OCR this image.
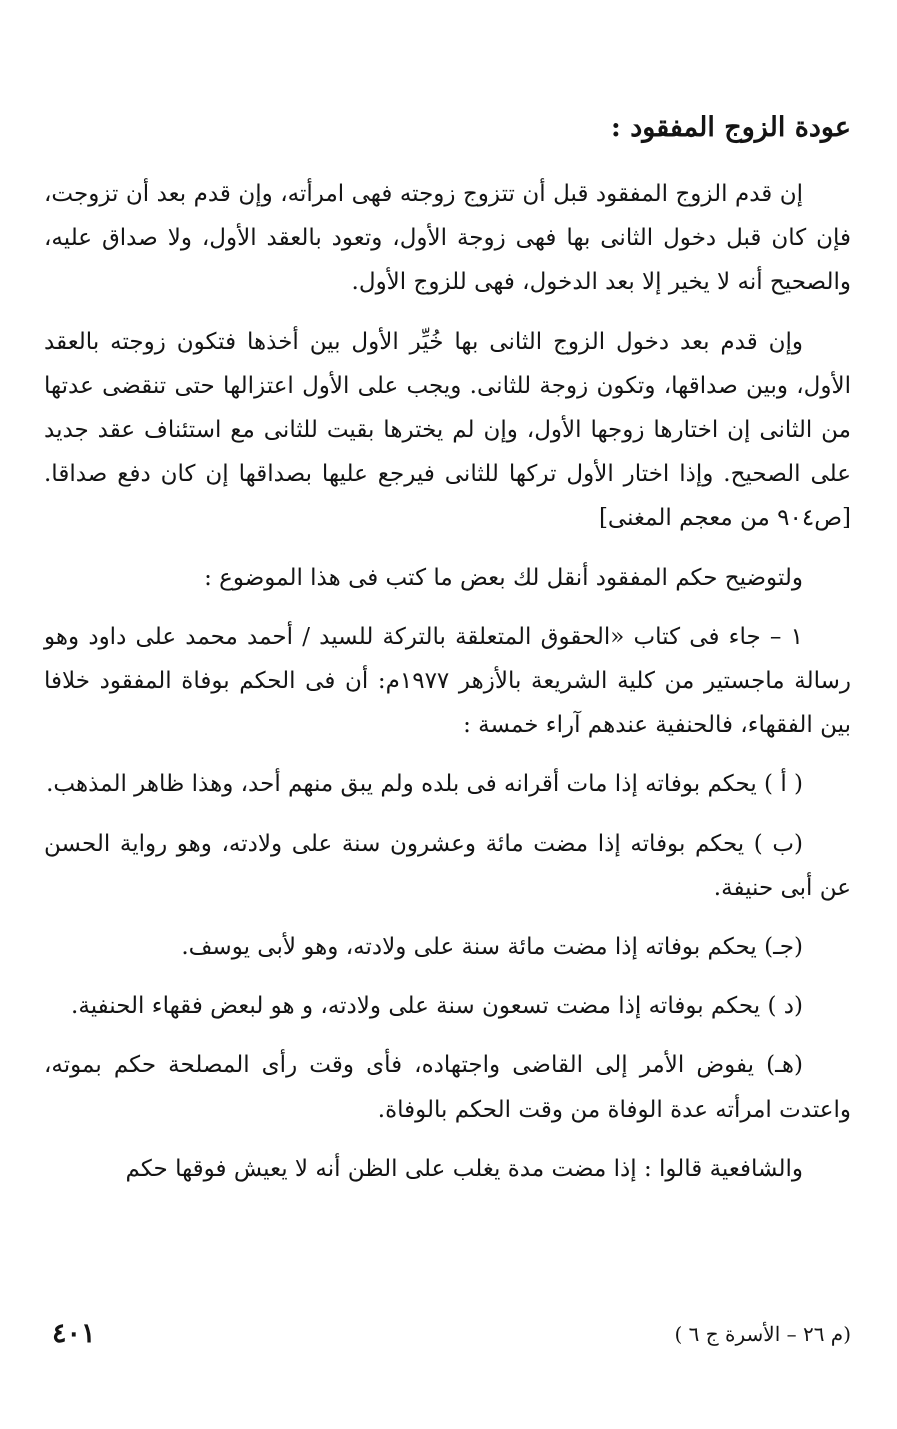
عودة الزوج المفقود :

إن قدم الزوج المفقود قبل أن تتزوج زوجته فهى امرأته، وإن قدم بعد أن تزوجت، فإن كان قبل دخول الثانى بها فهى زوجة الأول، وتعود بالعقد الأول، ولا صداق عليه، والصحيح أنه لا يخير إلا بعد الدخول، فهى للزوج الأول.

وإن قدم بعد دخول الزوج الثانى بها خُيِّر الأول بين أخذها فتكون زوجته بالعقد الأول، وبين صداقها، وتكون زوجة للثانى. ويجب على الأول اعتزالها حتى تنقضى عدتها من الثانى إن اختارها زوجها الأول، وإن لم يخترها بقيت للثانى مع استئناف عقد جديد على الصحيح. وإذا اختار الأول تركها للثانى فيرجع عليها بصداقها إن كان دفع صداقا.[ص٩٠٤ من معجم المغنى]

ولتوضيح حكم المفقود أنقل لك بعض ما كتب فى هذا الموضوع :

١ – جاء فى كتاب «الحقوق المتعلقة بالتركة للسيد / أحمد محمد على داود وهو رسالة ماجستير من كلية الشريعة بالأزهر ١٩٧٧م: أن فى الحكم بوفاة المفقود خلافا بين الفقهاء، فالحنفية عندهم آراء خمسة :

( أ ) يحكم بوفاته إذا مات أقرانه فى بلده ولم يبق منهم أحد، وهذا ظاهر المذهب.

(ب ) يحكم بوفاته إذا مضت مائة وعشرون سنة على ولادته، وهو رواية الحسن عن أبى حنيفة.

(جـ) يحكم بوفاته إذا مضت مائة سنة على ولادته، وهو لأبى يوسف.

(د ) يحكم بوفاته إذا مضت تسعون سنة على ولادته، و هو لبعض فقهاء الحنفية.

(هـ) يفوض الأمر إلى القاضى واجتهاده، فأى وقت رأى المصلحة حكم بموته، واعتدت امرأته عدة الوفاة من وقت الحكم بالوفاة.

والشافعية قالوا : إذا مضت مدة يغلب على الظن أنه لا يعيش فوقها حكم

٤٠١	(م ٢٦ – الأسرة ج ٦ )
